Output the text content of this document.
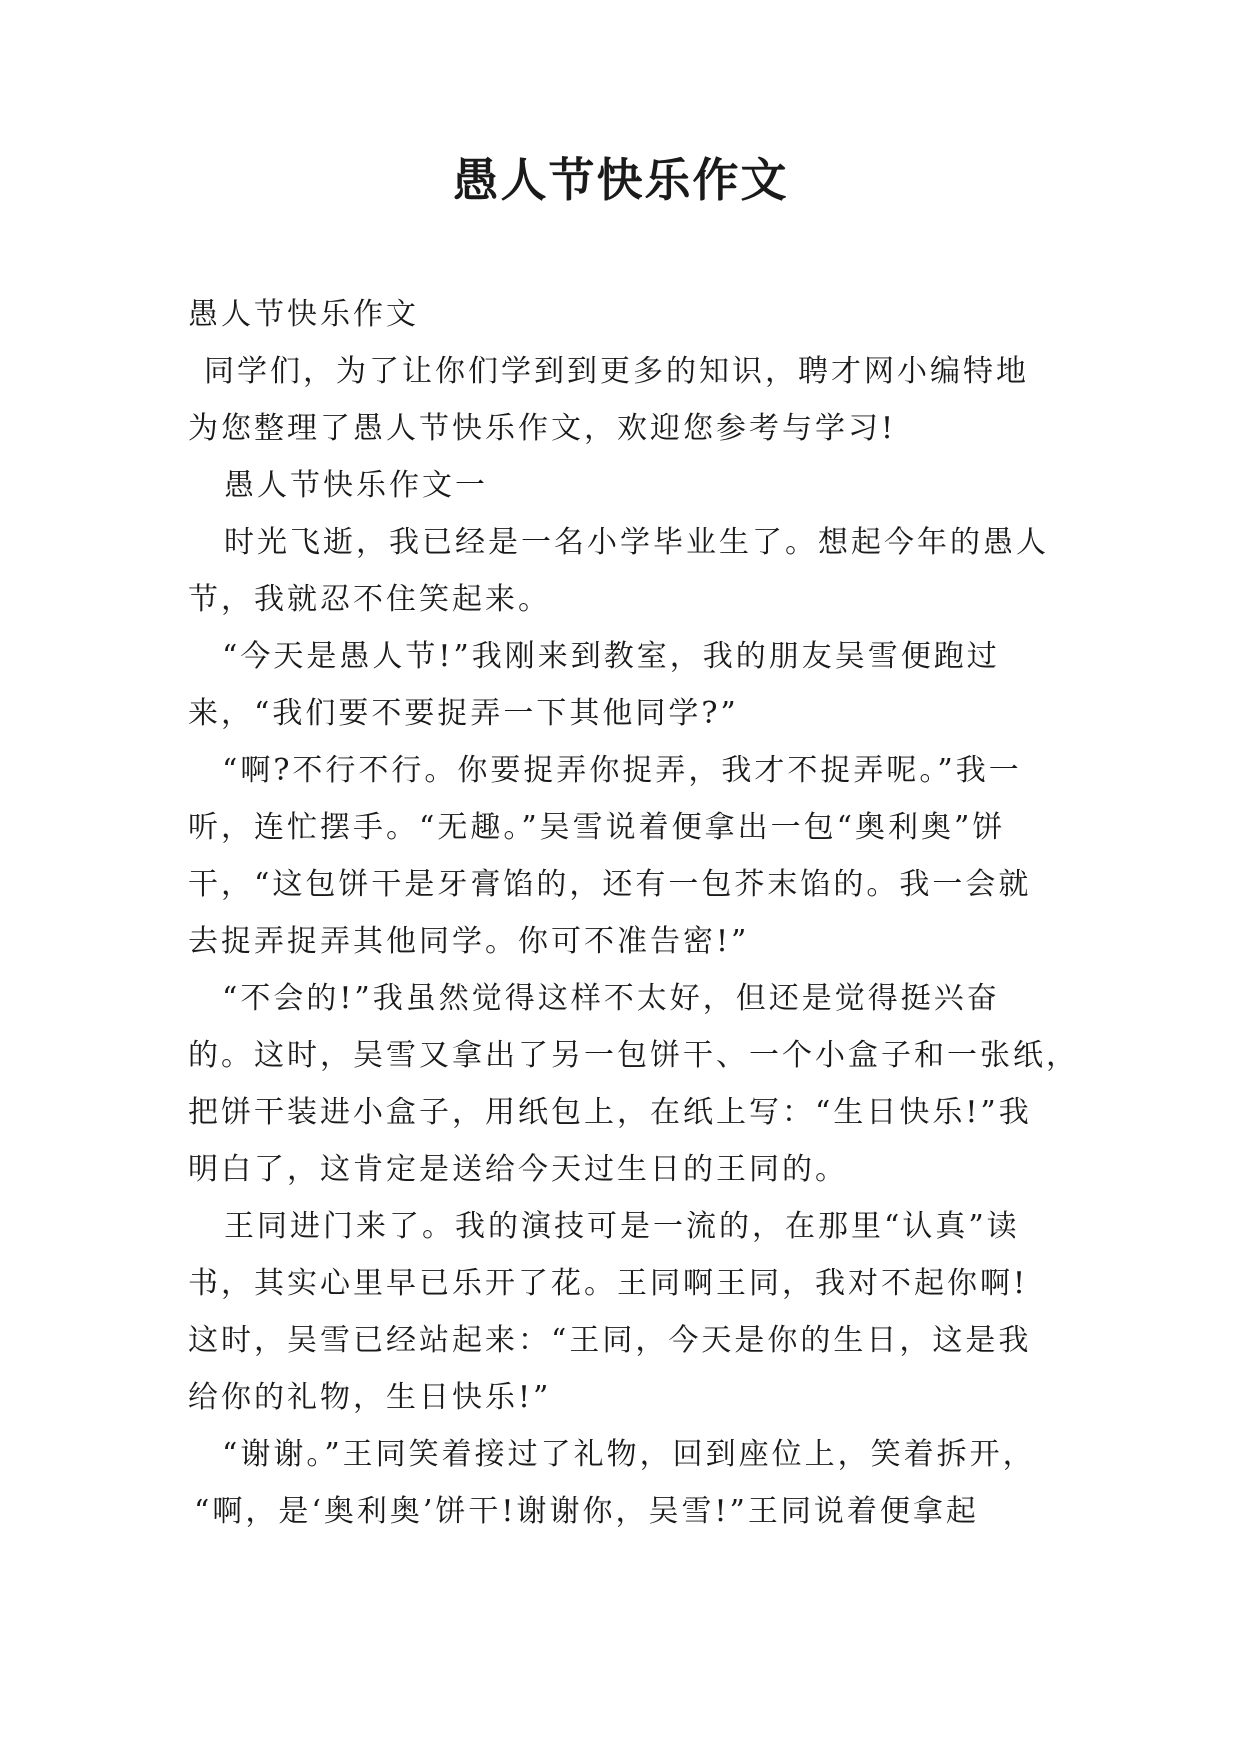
愚人节快乐作文
愚人节快乐作文
同学们，为了让你们学到到更多的知识，聘才网小编特地
为您整理了愚人节快乐作文，欢迎您参考与学习!
愚人节快乐作文一
时光飞逝，我已经是一名小学毕业生了。想起今年的愚人
节，我就忍不住笑起来。
“今天是愚人节!”我刚来到教室，我的朋友吴雪便跑过
来，“我们要不要捉弄一下其他同学?”
“啊?不行不行。你要捉弄你捉弄，我才不捉弄呢。”我一
听，连忙摆手。“无趣。”吴雪说着便拿出一包“奥利奥”饼
干，“这包饼干是牙膏馅的，还有一包芥末馅的。我一会就
去捉弄捉弄其他同学。你可不准告密!”
“不会的!”我虽然觉得这样不太好，但还是觉得挺兴奋
的。这时，吴雪又拿出了另一包饼干、一个小盒子和一张纸，
把饼干装进小盒子，用纸包上，在纸上写：“生日快乐!”我
明白了，这肯定是送给今天过生日的王同的。
王同进门来了。我的演技可是一流的，在那里“认真”读
书，其实心里早已乐开了花。王同啊王同，我对不起你啊!
这时，吴雪已经站起来：“王同，今天是你的生日，这是我
给你的礼物，生日快乐!”
“谢谢。”王同笑着接过了礼物，回到座位上，笑着拆开，
“啊，是‘奥利奥’饼干!谢谢你，吴雪!”王同说着便拿起
